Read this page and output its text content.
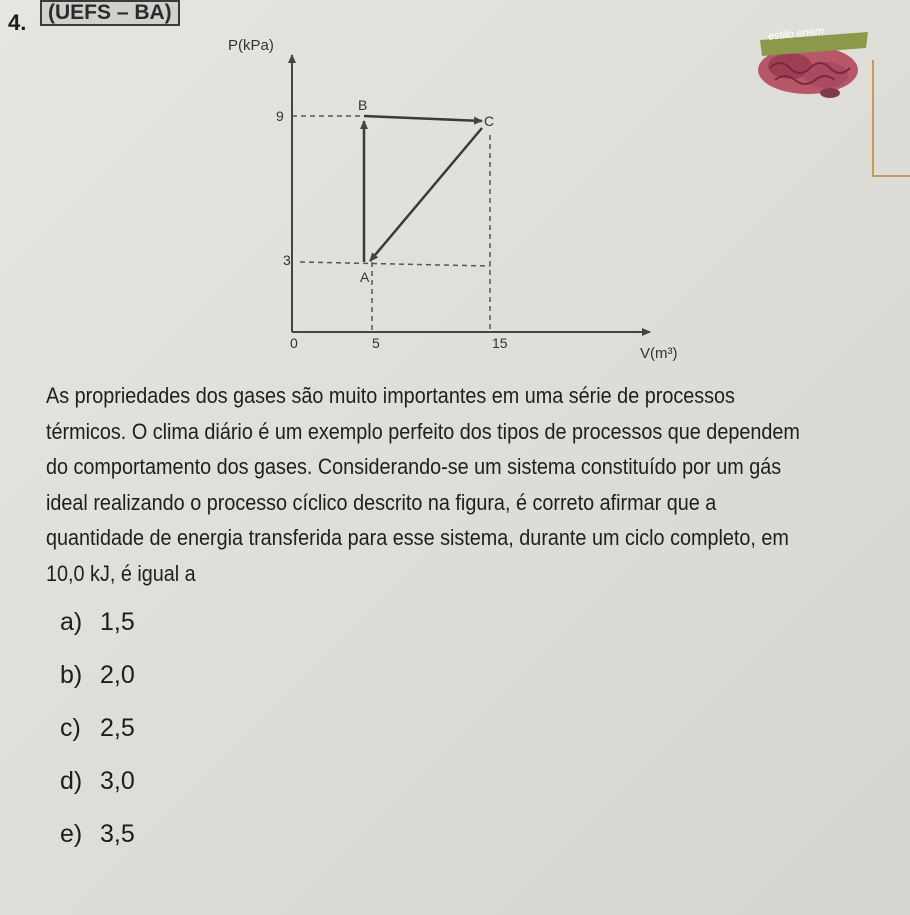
4.	(UEFS – BA)
P(kPa)
V(m³)
0	5	15
9
3
A
B
C
estilo enem
As propriedades dos gases são muito importantes em uma série de processos térmicos. O clima diário é um exemplo perfeito dos tipos de processos que dependem do comportamento dos gases. Considerando-se um sistema constituído por um gás ideal realizando o processo cíclico descrito na figura, é correto afirmar que a quantidade de energia transferida para esse sistema, durante um ciclo completo, em 10,0 kJ, é igual a
a) 1,5
b) 2,0
c) 2,5
d) 3,0
e) 3,5
